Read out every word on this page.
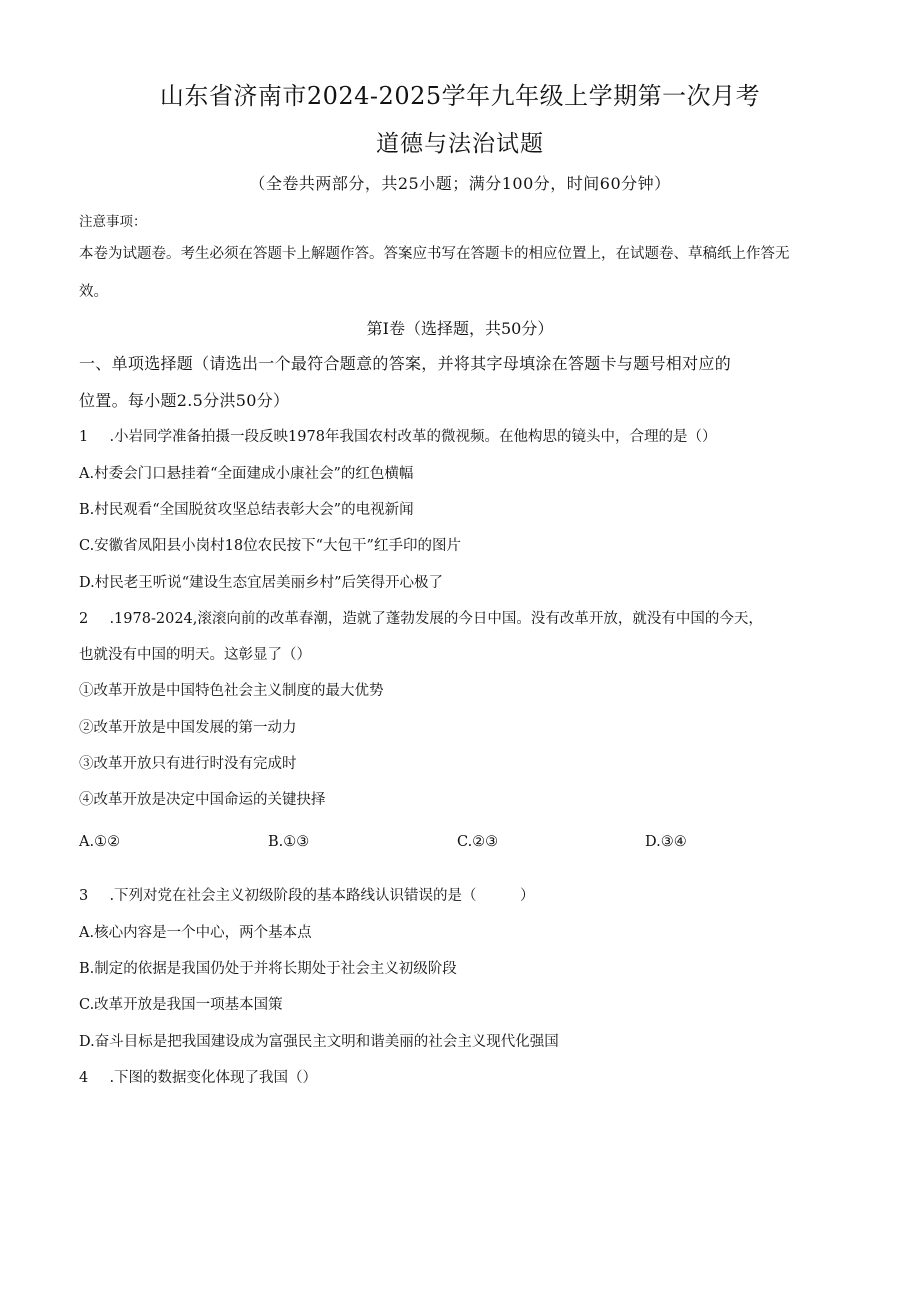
山东省济南市2024-2025学年九年级上学期第一次月考
道德与法治试题
（全卷共两部分，共25小题；满分100分，时间60分钟）
注意事项：
本卷为试题卷。考生必须在答题卡上解题作答。答案应书写在答题卡的相应位置上，在试题卷、草稿纸上作答无
效。
第I卷（选择题，共50分）
一、单项选择题（请选出一个最符合题意的答案，并将其字母填涂在答题卡与题号相对应的
位置。每小题2.5分洪50分）
1 .小岩同学准备拍摄一段反映1978年我国农村改革的微视频。在他构思的镜头中，合理的是（）
A.村委会门口悬挂着“全面建成小康社会”的红色横幅
B.村民观看“全国脱贫攻坚总结表彰大会”的电视新闻
C.安徽省凤阳县小岗村18位农民按下“大包干”红手印的图片
D.村民老王听说“建设生态宜居美丽乡村”后笑得开心极了
2 .1978-2024,滚滚向前的改革春潮，造就了蓬勃发展的今日中国。没有改革开放，就没有中国的今天，
也就没有中国的明天。这彰显了（）
①改革开放是中国特色社会主义制度的最大优势
②改革开放是中国发展的第一动力
③改革开放只有进行时没有完成时
④改革开放是决定中国命运的关键抉择
A.①②	B.①③	C.②③	D.③④
3 .下列对党在社会主义初级阶段的基本路线认识错误的是（　　　）
A.核心内容是一个中心，两个基本点
B.制定的依据是我国仍处于并将长期处于社会主义初级阶段
C.改革开放是我国一项基本国策
D.奋斗目标是把我国建设成为富强民主文明和谐美丽的社会主义现代化强国
4 .下图的数据变化体现了我国（）
